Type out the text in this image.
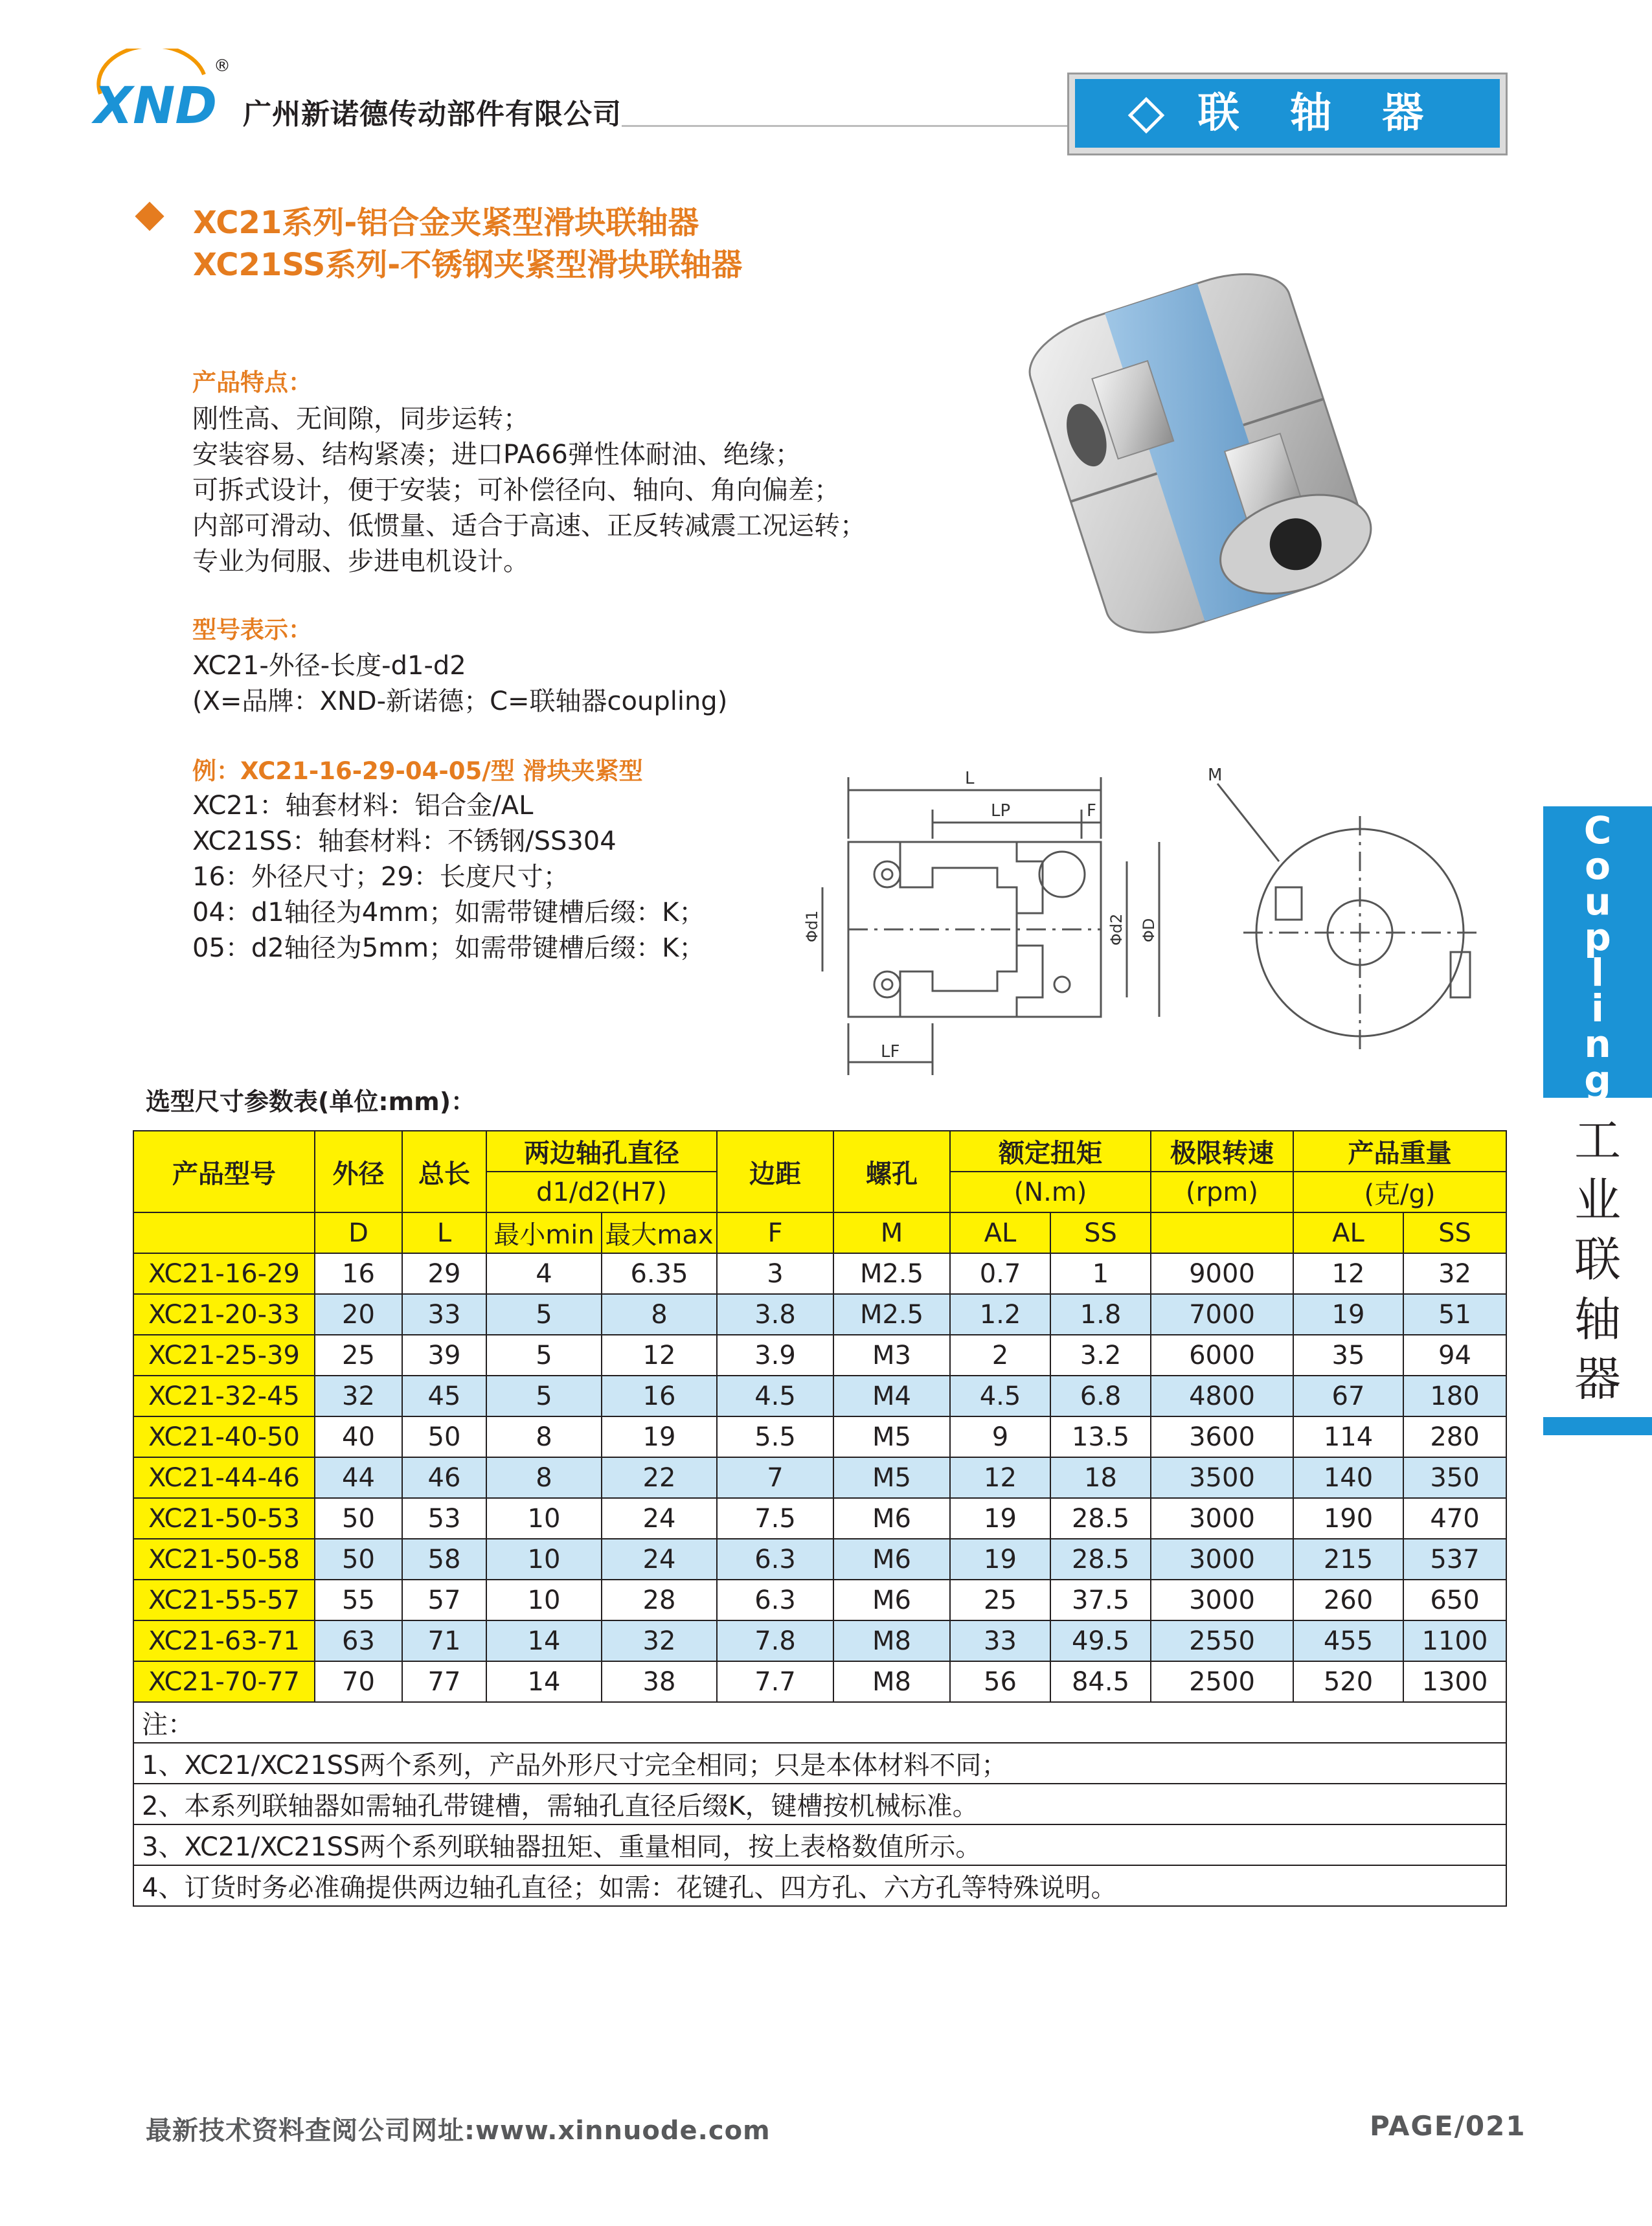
XND
®
广州新诺德传动部件有限公司	联 轴 器
XC21系列-铝合金夹紧型滑块联轴器
XC21SS系列-不锈钢夹紧型滑块联轴器
产品特点：
刚性高、无间隙，同步运转；
安装容易、结构紧凑；进口PA66弹性体耐油、绝缘；
可拆式设计，便于安装；可补偿径向、轴向、角向偏差；
内部可滑动、低惯量、适合于高速、正反转减震工况运转；
专业为伺服、步进电机设计。
型号表示：
XC21-外径-长度-d1-d2
(X=品牌：XND-新诺德；C=联轴器coupling)
例：XC21-16-29-04-05/型 滑块夹紧型
XC21：轴套材料：铝合金/AL
XC21SS：轴套材料：不锈钢/SS304
16：外径尺寸；29：长度尺寸；
04：d1轴径为4mm；如需带键槽后缀：K；
05：d2轴径为5mm；如需带键槽后缀：K；
L
LP	F
LF
M
Φd1	Φd2 ΦD
C
o
u
p
l
i
n
g
工
业
联
轴
器
选型尺寸参数表(单位:mm)：
产品型号	外径	总长	两边轴孔直径		边距	螺孔	额定扭矩		极限转速	产品重量	
			d1/d2(H7)				(N.m)		(rpm)	(克/g)	
	D	L	最小min	最大max	F	M	AL	SS		AL	SS
XC21-16-29	16	29	4	6.35	3	M2.5	0.7	1	9000	12	32
XC21-20-33	20	33	5	8	3.8	M2.5	1.2	1.8	7000	19	51
XC21-25-39	25	39	5	12	3.9	M3	2	3.2	6000	35	94
XC21-32-45	32	45	5	16	4.5	M4	4.5	6.8	4800	67	180
XC21-40-50	40	50	8	19	5.5	M5	9	13.5	3600	114	280
XC21-44-46	44	46	8	22	7	M5	12	18	3500	140	350
XC21-50-53	50	53	10	24	7.5	M6	19	28.5	3000	190	470
XC21-50-58	50	58	10	24	6.3	M6	19	28.5	3000	215	537
XC21-55-57	55	57	10	28	6.3	M6	25	37.5	3000	260	650
XC21-63-71	63	71	14	32	7.8	M8	33	49.5	2550	455	1100
XC21-70-77	70	77	14	38	7.7	M8	56	84.5	2500	520	1300
注：											
1、XC21/XC21SS两个系列，产品外形尺寸完全相同；只是本体材料不同；											
2、本系列联轴器如需轴孔带键槽，需轴孔直径后缀K，键槽按机械标准。											
3、XC21/XC21SS两个系列联轴器扭矩、重量相同，按上表格数值所示。											
4、订货时务必准确提供两边轴孔直径；如需：花键孔、四方孔、六方孔等特殊说明。											
最新技术资料查阅公司网址:www.xinnuode.com	PAGE/021
